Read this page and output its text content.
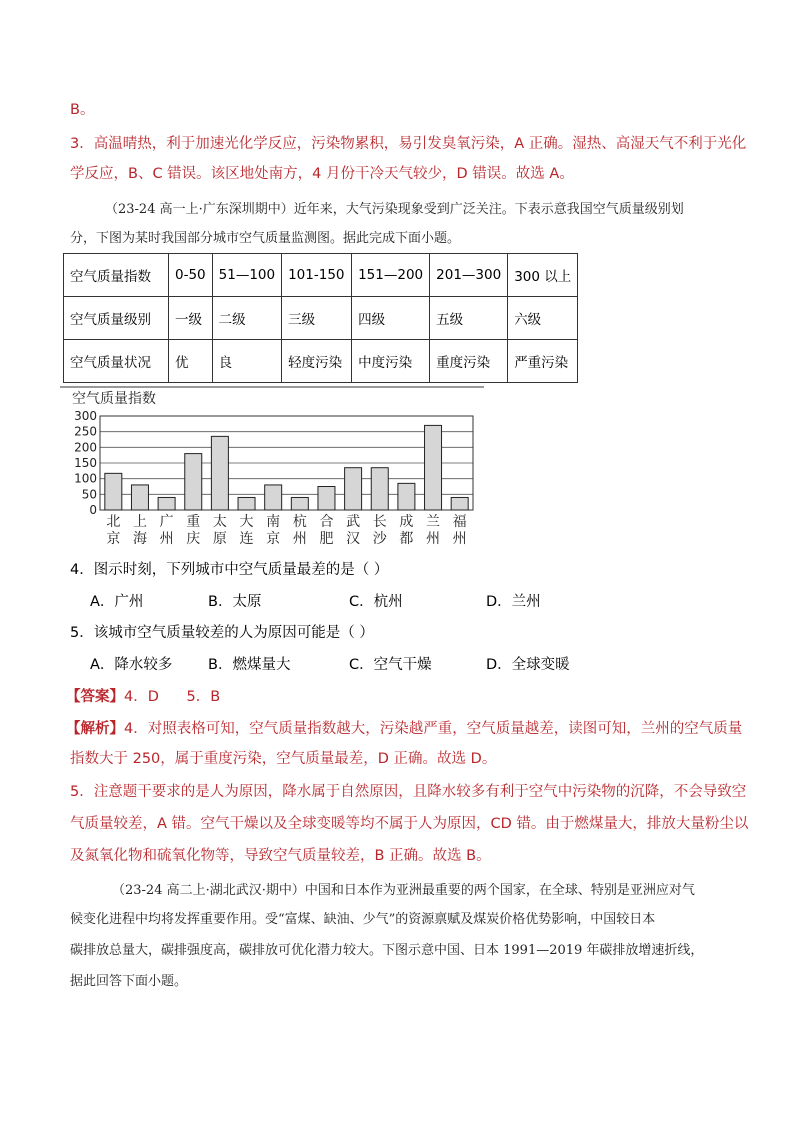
B。
3．高温晴热，利于加速光化学反应，污染物累积，易引发臭氧污染，A 正确。湿热、高湿天气不利于光化
学反应，B、C 错误。该区地处南方，4 月份干冷天气较少，D 错误。故选 A。
（23-24 高一上·广东深圳期中）近年来，大气污染现象受到广泛关注。下表示意我国空气质量级别划
分，下图为某时我国部分城市空气质量监测图。据此完成下面小题。
空气质量指数	0-50	51—100	101-150	151—200	201—300	300 以上
空气质量级别	一级	二级	三级	四级	五级	六级
空气质量状况	优	良	轻度污染	中度污染	重度污染	严重污染
空气质量指数
300
250
200
150
100
50
0
北
京
上
海
广
州
重
庆
太
原
大
连
南
京
杭
州
合
肥
武
汉
长
沙
成
都
兰
州
福
州
4．图示时刻，下列城市中空气质量最差的是（ ）
A．广州	B．太原	C．杭州	D．兰州
5．该城市空气质量较差的人为原因可能是（ ）
A．降水较多 B．燃煤量大	C．空气干燥	D．全球变暖
【答案】4．D      5．B
【解析】4．对照表格可知，空气质量指数越大，污染越严重，空气质量越差，读图可知，兰州的空气质量
指数大于 250，属于重度污染，空气质量最差，D 正确。故选 D。
5．注意题干要求的是人为原因，降水属于自然原因，且降水较多有利于空气中污染物的沉降，不会导致空
气质量较差，A 错。空气干燥以及全球变暖等均不属于人为原因，CD 错。由于燃煤量大，排放大量粉尘以
及氮氧化物和硫氧化物等，导致空气质量较差，B 正确。故选 B。
（23-24 高二上·湖北武汉·期中）中国和日本作为亚洲最重要的两个国家，在全球、特别是亚洲应对气
候变化进程中均将发挥重要作用。受“富煤、缺油、少气”的资源禀赋及煤炭价格优势影响，中国较日本
碳排放总量大，碳排强度高，碳排放可优化潜力较大。下图示意中国、日本 1991—2019 年碳排放增速折线，
据此回答下面小题。
